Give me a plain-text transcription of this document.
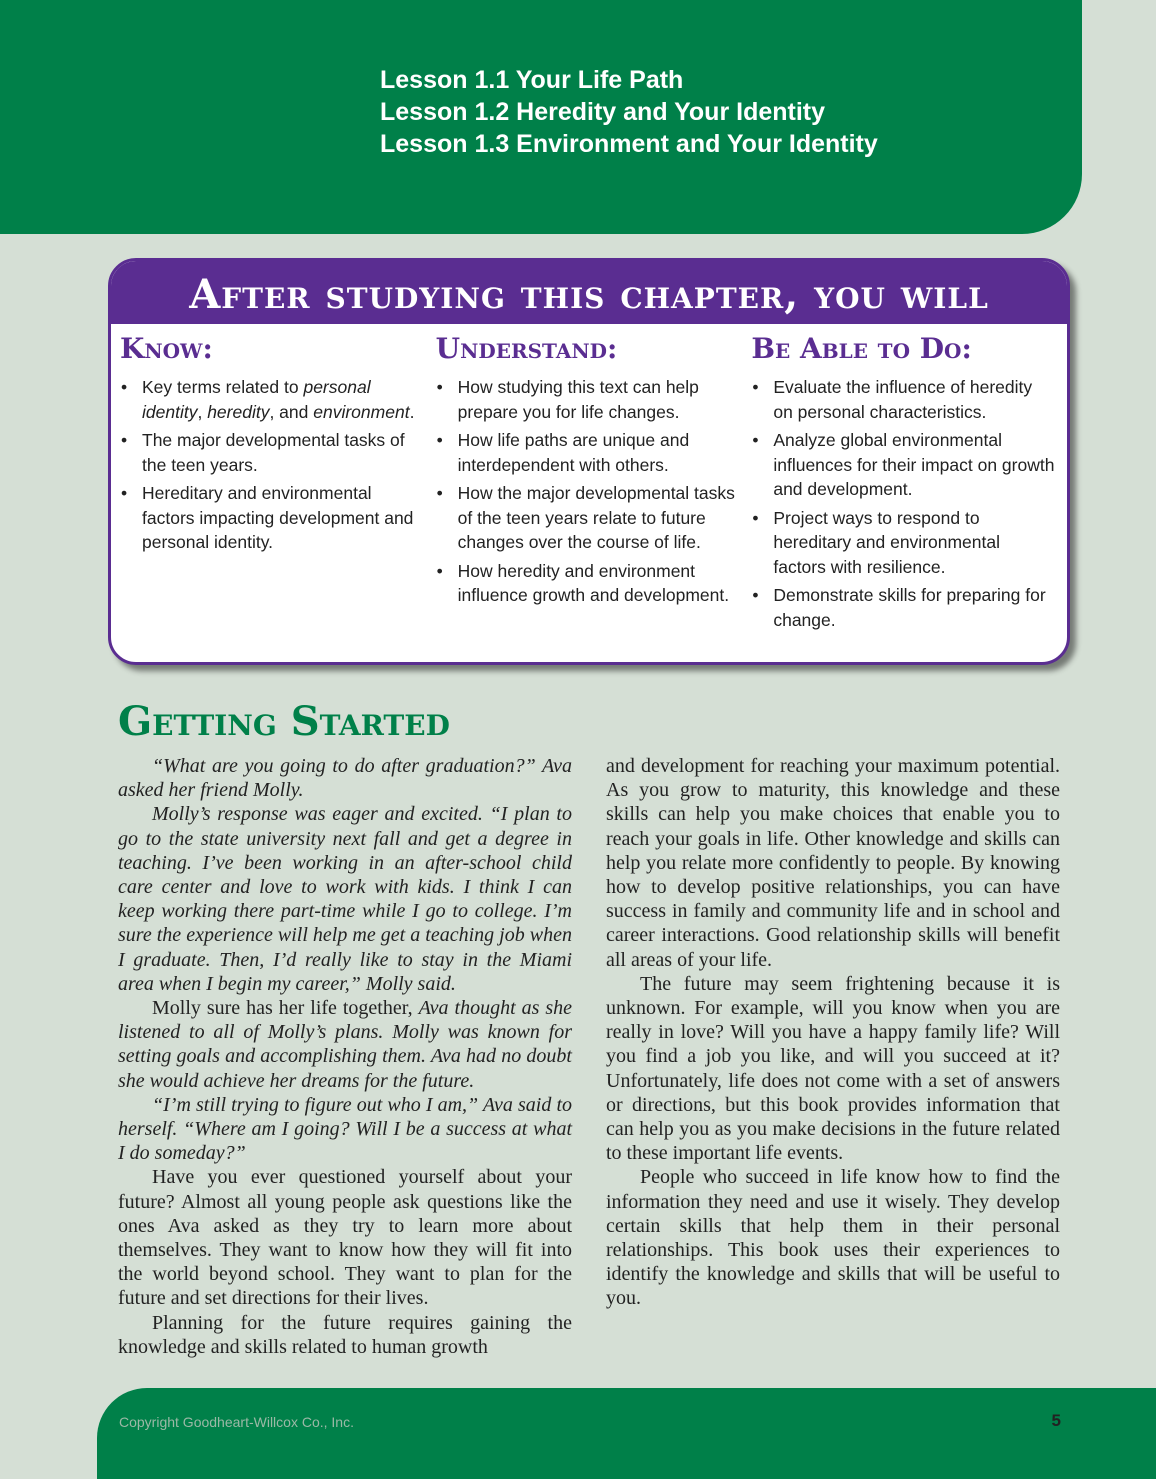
Lesson 1.1 Your Life Path
Lesson 1.2 Heredity and Your Identity
Lesson 1.3 Environment and Your Identity
After studying this chapter, you will
Know:
• Key terms related to personal identity, heredity, and environment.
• The major developmental tasks of the teen years.
• Hereditary and environmental factors impacting development and personal identity.
Understand:
• How studying this text can help prepare you for life changes.
• How life paths are unique and interdependent with others.
• How the major developmental tasks of the teen years relate to future changes over the course of life.
• How heredity and environment influence growth and development.
Be Able to Do:
• Evaluate the influence of heredity on personal characteristics.
• Analyze global environmental influences for their impact on growth and development.
• Project ways to respond to hereditary and environmental factors with resilience.
• Demonstrate skills for preparing for change.
Getting Started

“What are you going to do after graduation?” Ava asked her friend Molly.

Molly’s response was eager and excited. “I plan to go to the state university next fall and get a degree in teaching. I’ve been working in an after-school child care center and love to work with kids. I think I can keep working there part-time while I go to college. I’m sure the experience will help me get a teaching job when I graduate. Then, I’d really like to stay in the Miami area when I begin my career,” Molly said.

Molly sure has her life together, Ava thought as she listened to all of Molly’s plans. Molly was known for setting goals and accomplishing them. Ava had no doubt she would achieve her dreams for the future.

“I’m still trying to figure out who I am,” Ava said to herself. “Where am I going? Will I be a success at what I do someday?”

Have you ever questioned yourself about your future? Almost all young people ask questions like the ones Ava asked as they try to learn more about themselves. They want to know how they will fit into the world beyond school. They want to plan for the future and set directions for their lives.

Planning for the future requires gaining the knowledge and skills related to human growth

and development for reaching your maximum potential. As you grow to maturity, this knowledge and these skills can help you make choices that enable you to reach your goals in life. Other knowledge and skills can help you relate more confidently to people. By knowing how to develop positive relationships, you can have success in family and community life and in school and career interactions. Good relationship skills will benefit all areas of your life.

The future may seem frightening because it is unknown. For example, will you know when you are really in love? Will you have a happy family life? Will you find a job you like, and will you succeed at it? Unfortunately, life does not come with a set of answers or directions, but this book provides information that can help you as you make decisions in the future related to these important life events.

People who succeed in life know how to find the information they need and use it wisely. They develop certain skills that help them in their personal relationships. This book uses their experiences to identify the knowledge and skills that will be useful to you.

Copyright Goodheart-Willcox Co., Inc.	5
